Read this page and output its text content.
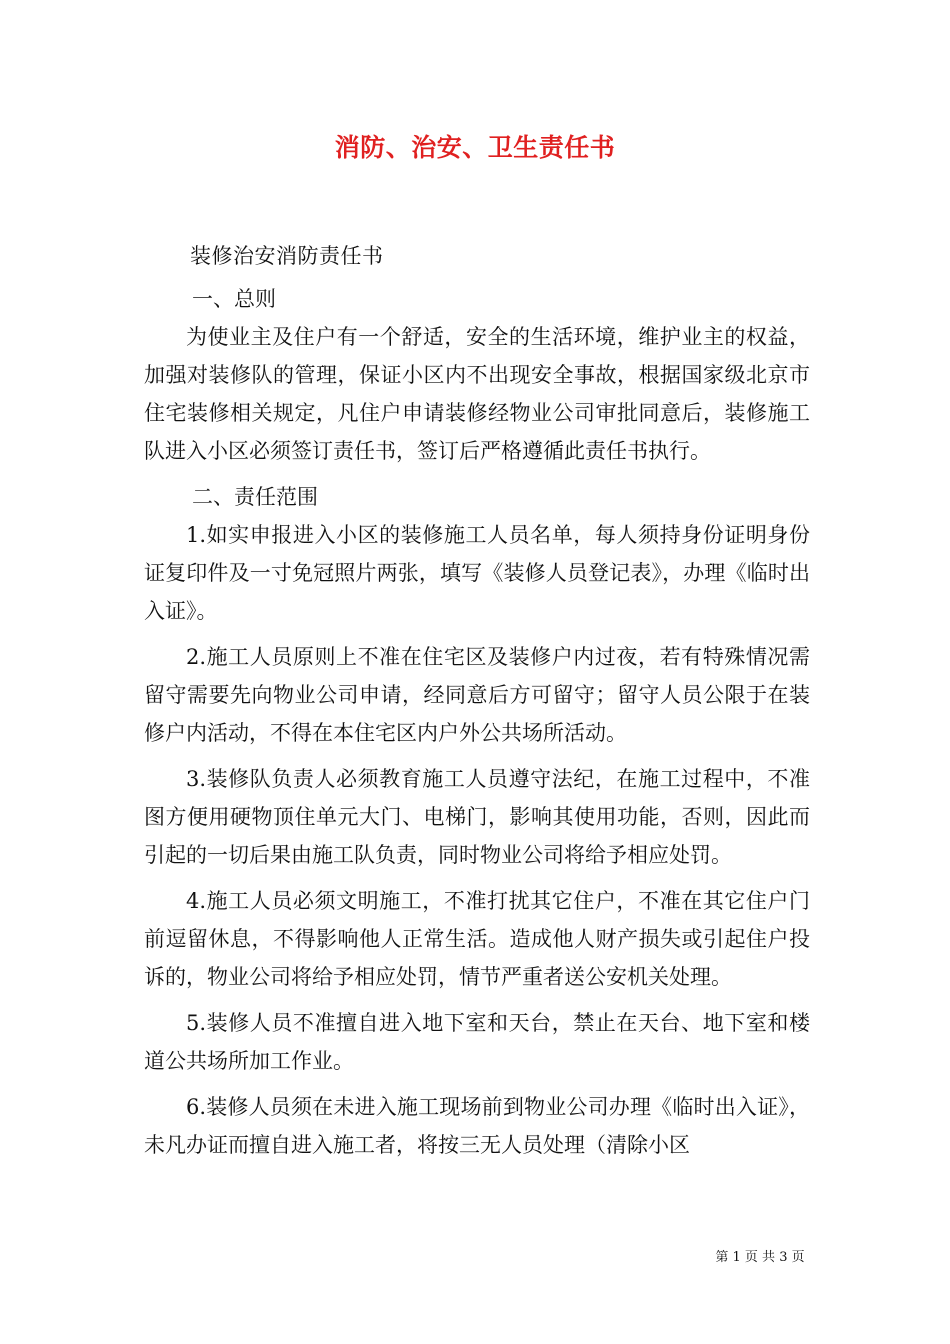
消防、治安、卫生责任书
装修治安消防责任书

一、总则

为使业主及住户有一个舒适，安全的生活环境，维护业主的权益，加强对装修队的管理，保证小区内不出现安全事故，根据国家级北京市住宅装修相关规定，凡住户申请装修经物业公司审批同意后，装修施工队进入小区必须签订责任书，签订后严格遵循此责任书执行。

二、责任范围

1.如实申报进入小区的装修施工人员名单，每人须持身份证明身份证复印件及一寸免冠照片两张，填写《装修人员登记表》，办理《临时出入证》。

2.施工人员原则上不准在住宅区及装修户内过夜，若有特殊情况需留守需要先向物业公司申请，经同意后方可留守；留守人员公限于在装修户内活动，不得在本住宅区内户外公共场所活动。

3.装修队负责人必须教育施工人员遵守法纪，在施工过程中，不准图方便用硬物顶住单元大门、电梯门，影响其使用功能，否则，因此而引起的一切后果由施工队负责，同时物业公司将给予相应处罚。

4.施工人员必须文明施工，不准打扰其它住户，不准在其它住户门前逗留休息，不得影响他人正常生活。造成他人财产损失或引起住户投诉的，物业公司将给予相应处罚，情节严重者送公安机关处理。

5.装修人员不准擅自进入地下室和天台，禁止在天台、地下室和楼道公共场所加工作业。

6.装修人员须在未进入施工现场前到物业公司办理《临时出入证》，未凡办证而擅自进入施工者，将按三无人员处理（清除小区

第 1 页 共 3 页
